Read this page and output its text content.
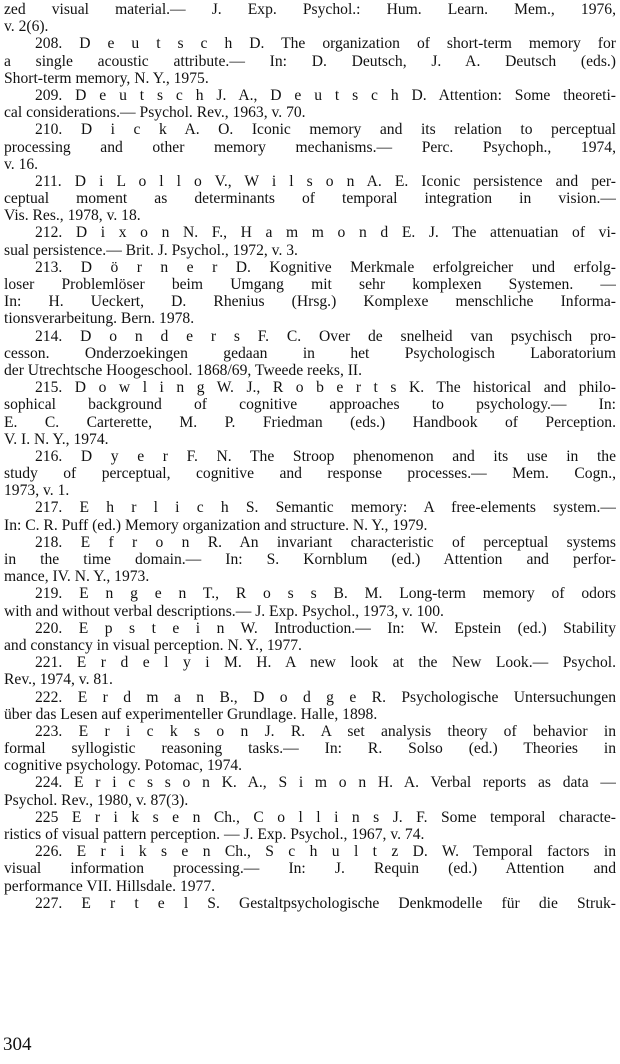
zed visual material.— J. Exp. Psychol.: Hum. Learn. Mem., 1976,
v. 2(6).
208. D e u t s c h D. The organization of short-term memory for
a single acoustic attribute.— In: D. Deutsch, J. A. Deutsch (eds.)
Short-term memory, N. Y., 1975.
209. D e u t s c h J. A., D e u t s c h D. Attention: Some theoreti-
cal considerations.— Psychol. Rev., 1963, v. 70.
210. D i c k A. O. Iconic memory and its relation to perceptual
processing and other memory mechanisms.— Perc. Psychoph., 1974,
v. 16.
211. D i L o l l o V., W i l s o n A. E. Iconic persistence and per-
ceptual moment as determinants of temporal integration in vision.—
Vis. Res., 1978, v. 18.
212. D i x o n N. F., H a m m o n d E. J. The attenuatian of vi-
sual persistence.— Brit. J. Psychol., 1972, v. 3.
213. D ö r n e r D. Kognitive Merkmale erfolgreicher und erfolg-
loser Problemlöser beim Umgang mit sehr komplexen Systemen. —
In: H. Ueckert, D. Rhenius (Hrsg.) Komplexe menschliche Informa-
tionsverarbeitung. Bern. 1978.
214. D o n d e r s F. C. Over de snelheid van psychisch pro-
cesson. Onderzoekingen gedaan in het Psychologisch Laboratorium
der Utrechtsche Hoogeschool. 1868/69, Tweede reeks, II.
215. D o w l i n g W. J., R o b e r t s K. The historical and philo-
sophical background of cognitive approaches to psychology.— In:
E. C. Carterette, M. P. Friedman (eds.) Handbook of Perception.
V. I. N. Y., 1974.
216. D y e r F. N. The Stroop phenomenon and its use in the
study of perceptual, cognitive and response processes.— Mem. Cogn.,
1973, v. 1.
217. E h r l i c h S. Semantic memory: A free-elements system.—
In: C. R. Puff (ed.) Memory organization and structure. N. Y., 1979.
218. E f r o n R. An invariant characteristic of perceptual systems
in the time domain.— In: S. Kornblum (ed.) Attention and perfor-
mance, IV. N. Y., 1973.
219. E n g e n T., R o s s B. M. Long-term memory of odors
with and without verbal descriptions.— J. Exp. Psychol., 1973, v. 100.
220. E p s t e i n W. Introduction.— In: W. Epstein (ed.) Stability
and constancy in visual perception. N. Y., 1977.
221. E r d e l y i M. H. A new look at the New Look.— Psychol.
Rev., 1974, v. 81.
222. E r d m a n B., D o d g e R. Psychologische Untersuchungen
über das Lesen auf experimenteller Grundlage. Halle, 1898.
223. E r i c k s o n J. R. A set analysis theory of behavior in
formal syllogistic reasoning tasks.— In: R. Solso (ed.) Theories in
cognitive psychology. Potomac, 1974.
224. E r i c s s o n K. A., S i m o n H. A. Verbal reports as data —
Psychol. Rev., 1980, v. 87(3).
225 E r i k s e n Ch., C o l l i n s J. F. Some temporal characte-
ristics of visual pattern perception. — J. Exp. Psychol., 1967, v. 74.
226. E r i k s e n Ch., S c h u l t z D. W. Temporal factors in
visual information processing.— In: J. Requin (ed.) Attention and
performance VII. Hillsdale. 1977.
227. E r t e l S. Gestaltpsychologische Denkmodelle für die Struk-
304
